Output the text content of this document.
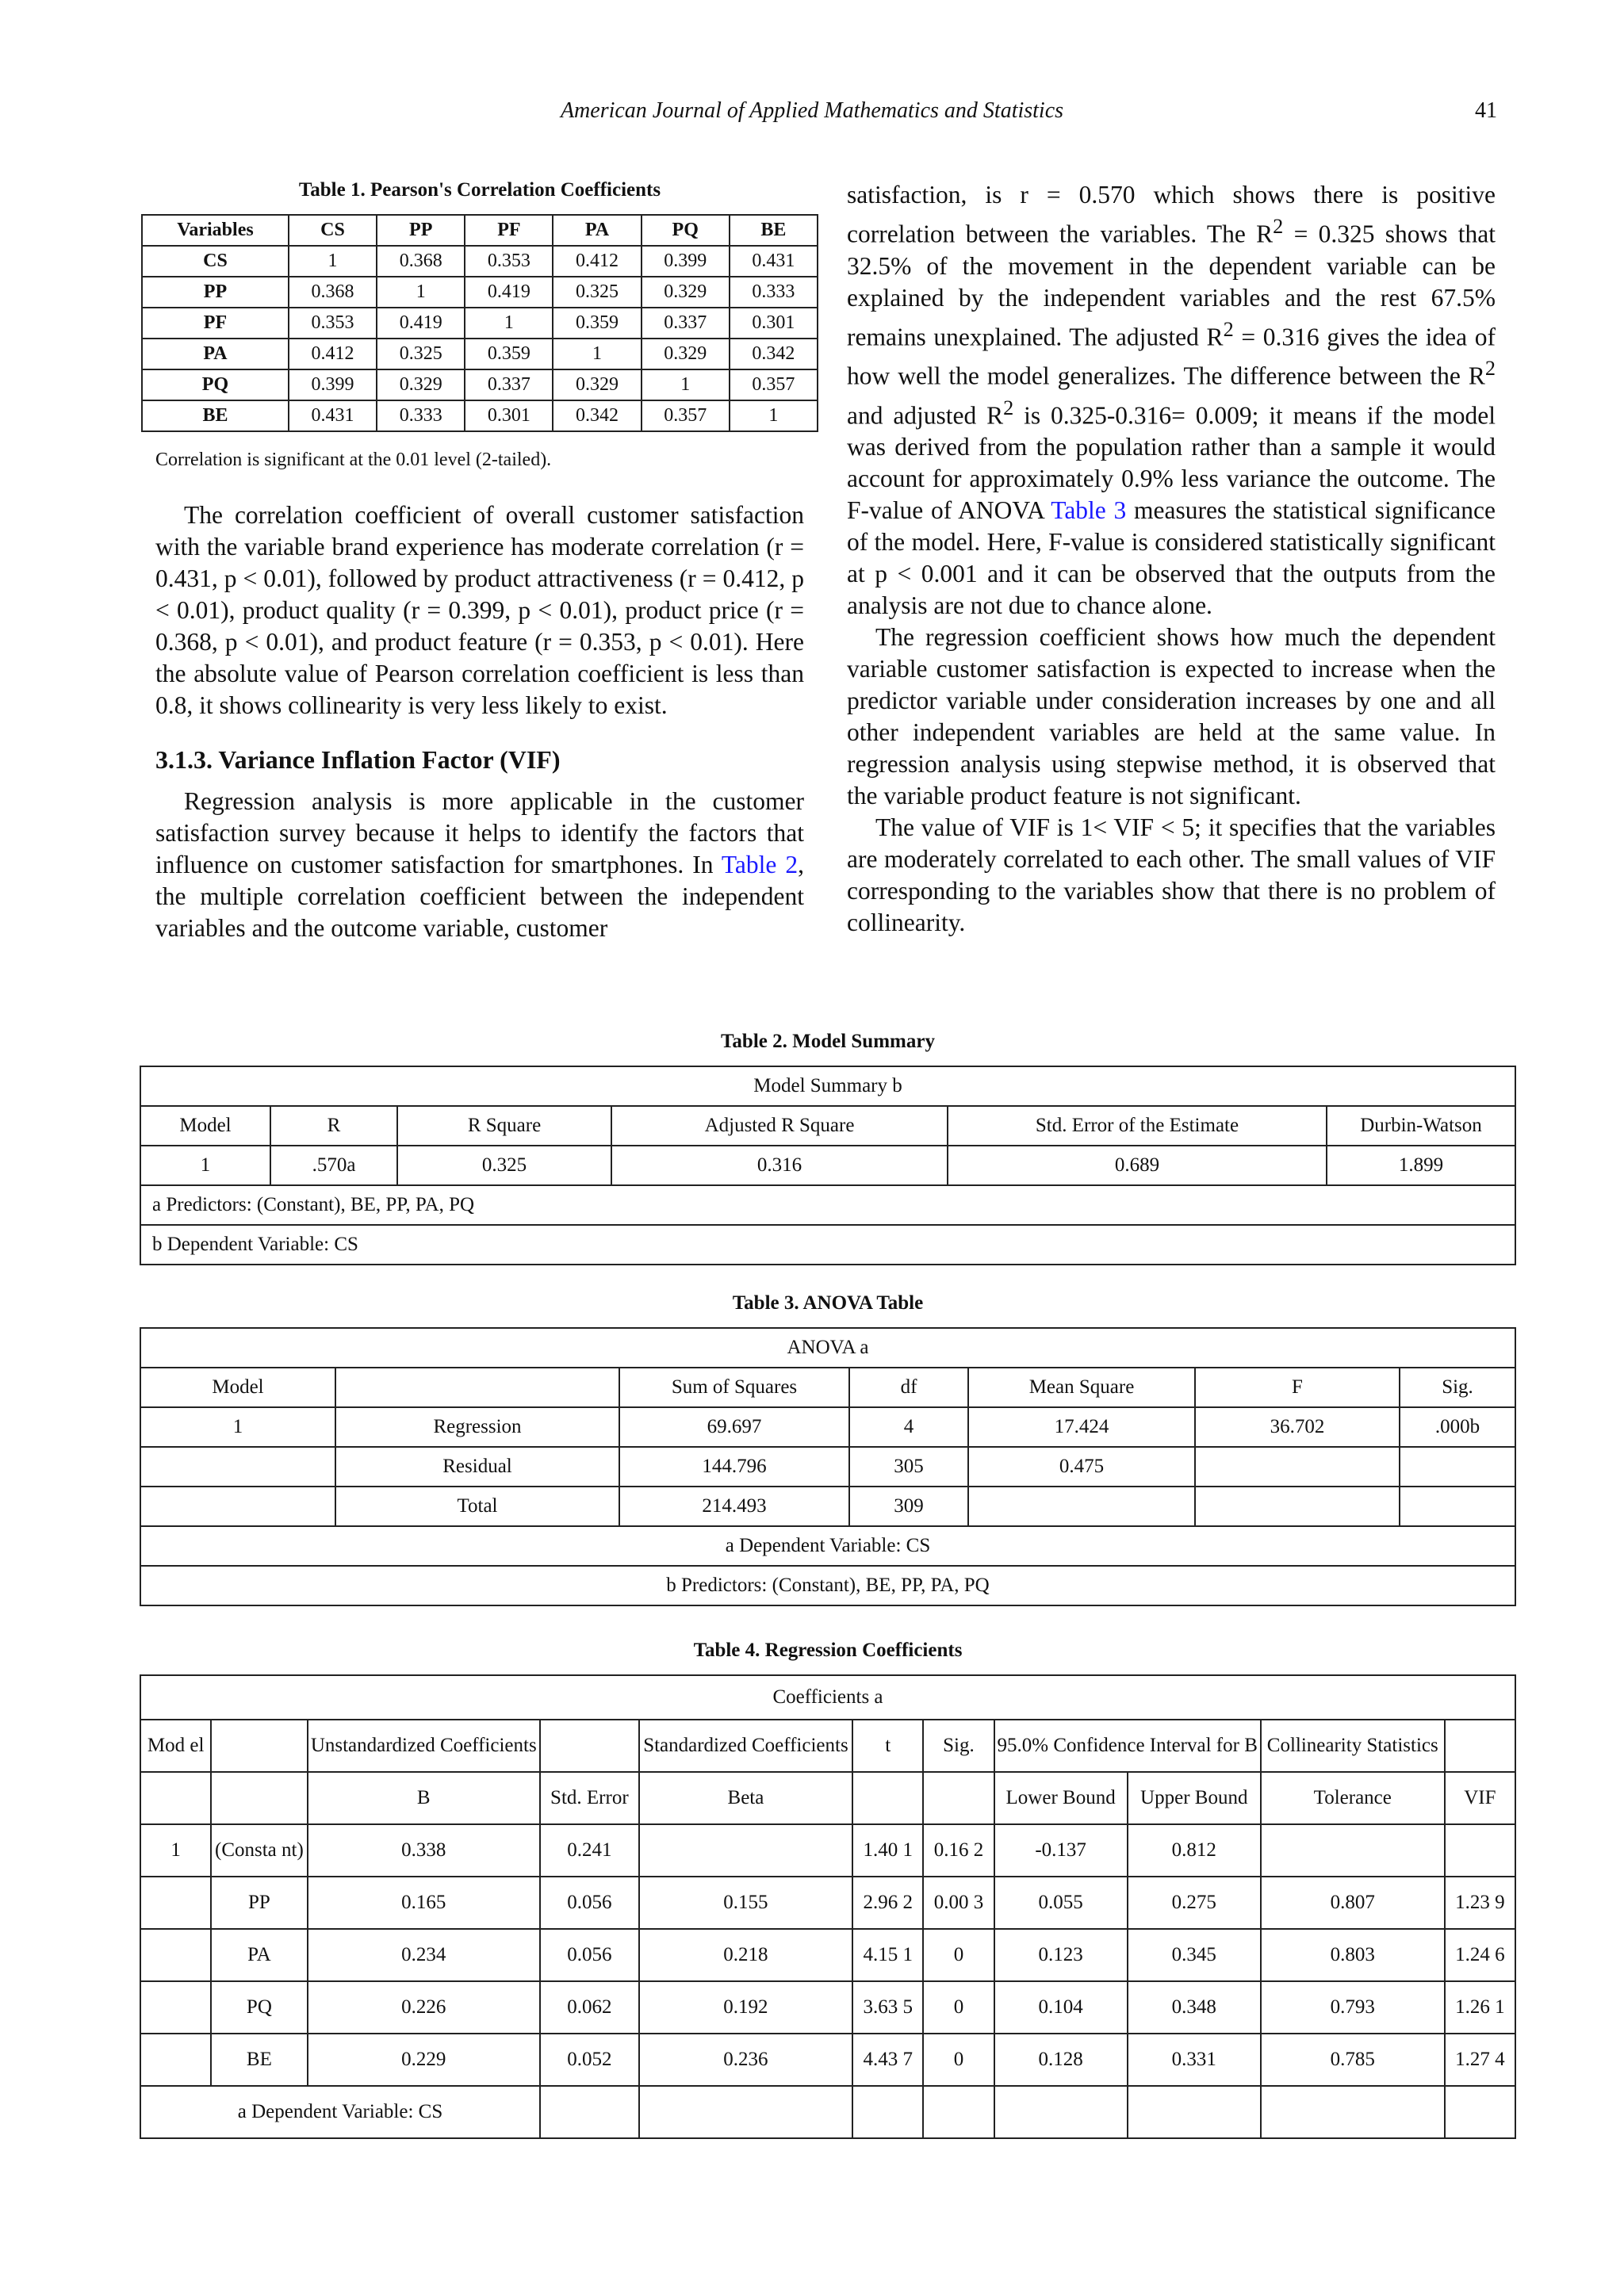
American Journal of Applied Mathematics and Statistics	41

Table 1. Pearson's Correlation Coefficients

Variables	CS	PP	PF	PA	PQ	BE
CS	1	0.368	0.353	0.412	0.399	0.431
PP	0.368	1	0.419	0.325	0.329	0.333
PF	0.353	0.419	1	0.359	0.337	0.301
PA	0.412	0.325	0.359	1	0.329	0.342
PQ	0.399	0.329	0.337	0.329	1	0.357
BE	0.431	0.333	0.301	0.342	0.357	1

Correlation is significant at the 0.01 level (2-tailed).

The correlation coefficient of overall customer satisfaction with the variable brand experience has moderate correlation (r = 0.431, p < 0.01), followed by product attractiveness (r = 0.412, p < 0.01), product quality (r = 0.399, p < 0.01), product price (r = 0.368, p < 0.01), and product feature (r = 0.353, p < 0.01). Here the absolute value of Pearson correlation coefficient is less than 0.8, it shows collinearity is very less likely to exist.

3.1.3. Variance Inflation Factor (VIF)

Regression analysis is more applicable in the customer satisfaction survey because it helps to identify the factors that influence on customer satisfaction for smartphones. In Table 2, the multiple correlation coefficient between the independent variables and the outcome variable, customer

satisfaction, is r = 0.570 which shows there is positive correlation between the variables. The $R^2 = 0.325$ shows that 32.5% of the movement in the dependent variable can be explained by the independent variables and the rest 67.5% remains unexplained. The adjusted $R^2 = 0.316$ gives the idea of how well the model generalizes. The difference between the $R^2$ and adjusted $R^2$ is 0.325-0.316= 0.009; it means if the model was derived from the population rather than a sample it would account for approximately 0.9% less variance the outcome. The F-value of ANOVA Table 3 measures the statistical significance of the model. Here, F-value is considered statistically significant at p < 0.001 and it can be observed that the outputs from the analysis are not due to chance alone.

The regression coefficient shows how much the dependent variable customer satisfaction is expected to increase when the predictor variable under consideration increases by one and all other independent variables are held at the same value. In regression analysis using stepwise method, it is observed that the variable product feature is not significant.

The value of VIF is 1< VIF < 5; it specifies that the variables are moderately correlated to each other. The small values of VIF corresponding to the variables show that there is no problem of collinearity.

Table 2. Model Summary

Model Summary b					
Model	R	R Square	Adjusted R Square	Std. Error of the Estimate	Durbin-Watson
1	.570a	0.325	0.316	0.689	1.899
a Predictors: (Constant), BE, PP, PA, PQ					
b Dependent Variable: CS					

Table 3. ANOVA Table

ANOVA a						
Model		Sum of Squares	df	Mean Square	F	Sig.
1	Regression	69.697	4	17.424	36.702	.000b
	Residual	144.796	305	0.475		
	Total	214.493	309			
a Dependent Variable: CS						
b Predictors: (Constant), BE, PP, PA, PQ						

Table 4. Regression Coefficients

Coefficients a										
Mod el		Unstandardized Coefficients		Standardized Coefficients	t	Sig.	95.0% Confidence Interval for B		Collinearity Statistics	
		B	Std. Error	Beta			Lower Bound	Upper Bound	Tolerance	VIF
1	(Consta nt)	0.338	0.241		1.40 1	0.16 2	-0.137	0.812		
	PP	0.165	0.056	0.155	2.96 2	0.00 3	0.055	0.275	0.807	1.23 9
	PA	0.234	0.056	0.218	4.15 1	0	0.123	0.345	0.803	1.24 6
	PQ	0.226	0.062	0.192	3.63 5	0	0.104	0.348	0.793	1.26 1
	BE	0.229	0.052	0.236	4.43 7	0	0.128	0.331	0.785	1.27 4
a Dependent Variable: CS										
